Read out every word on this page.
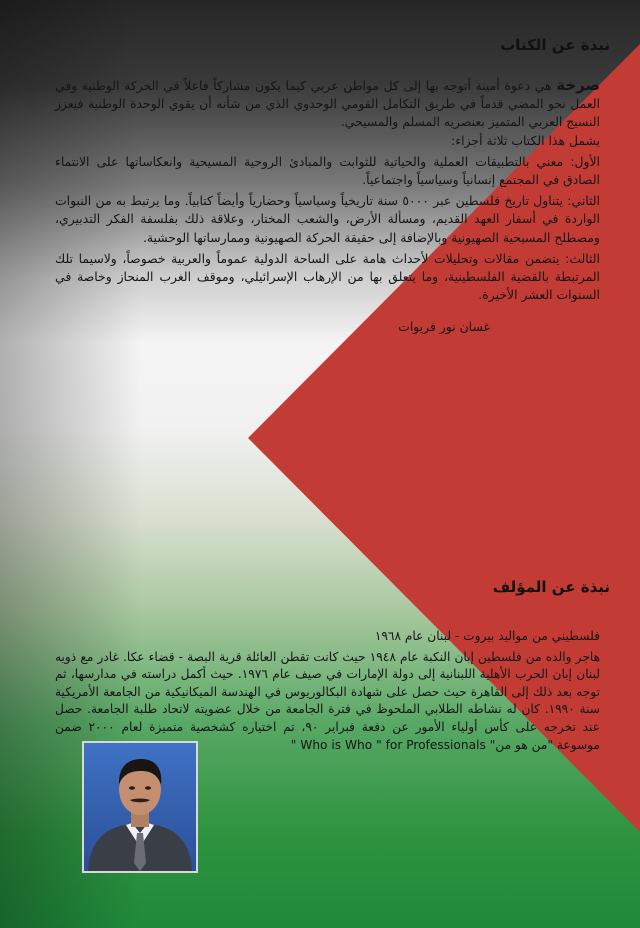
نبذة عن الكتاب

صرخة هي دعوة أمينة أتوجه بها إلى كل مواطن عربي كيما يكون مشاركاً فاعلاً في الحركة الوطنية وفي العمل نحو المضي قدماً في طريق التكامل القومي الوحدوي الذي من شأنه أن يقوي الوحدة الوطنية فيعزز النسيج العربي المتميز بعنصريه المسلم والمسيحي.

يشمل هذا الكتاب ثلاثة أجزاء:

الأول: معني بالتطبيقات العملية والحياتية للثوابت والمبادئ الروحية المسيحية وانعكاساتها على الانتماء الصادق في المجتمع إنسانياً وسياسياً واجتماعياً.

الثاني: يتناول تاريخ فلسطين عبر ٥٠٠٠ سنة تاريخياً وسياسياً وحضارياً وأيضاً كتابياً. وما يرتبط به من النبوات الواردة في أسفار العهد القديم، ومسألة الأرض، والشعب المختار، وعلاقة ذلك بفلسفة الفكر التدبيري، ومصطلح المسيحية الصهيونية وبالإضافة إلى حقيقة الحركة الصهيونية وممارساتها الوحشية.

الثالث: يتضمن مقالات وتحليلات لأحداث هامة على الساحة الدولية عموماً والعربية خصوصاً، ولاسيما تلك المرتبطة بالقضية الفلسطينية، وما يتعلق بها من الإرهاب الإسرائيلي، وموقف الغرب المنحاز وخاصة في السنوات العشر الأخيرة.

غسان نور فريوات

نبذة عن المؤلف

فلسطيني من مواليد بيروت - لبنان عام ١٩٦٨

هاجر والده من فلسطين إبان النكبة عام ١٩٤٨ حيث كانت تقطن العائلة قرية البصة - قضاء عكا. غادر مع ذويه لبنان إبان الحرب الأهلية اللبنانية إلى دولة الإمارات في صيف عام ١٩٧٦. حيث أكمل دراسته في مدارسها، ثم توجه بعد ذلك إلى القاهرة حيث حصل على شهادة البكالوريوس في الهندسة الميكانيكية من الجامعة الأمريكية سنة ١٩٩٠. كان له نشاطه الطلابي الملحوظ في فترة الجامعة من خلال عضويته لاتحاد طلبة الجامعة. حصل عند تخرجه على كأس أولياء الأمور عن دفعة فبراير ٩٠، تم اختياره كشخصية متميزة لعام ٢٠٠٠ ضمن موسوعة "من هو من" " Who is Who " for Professionals
